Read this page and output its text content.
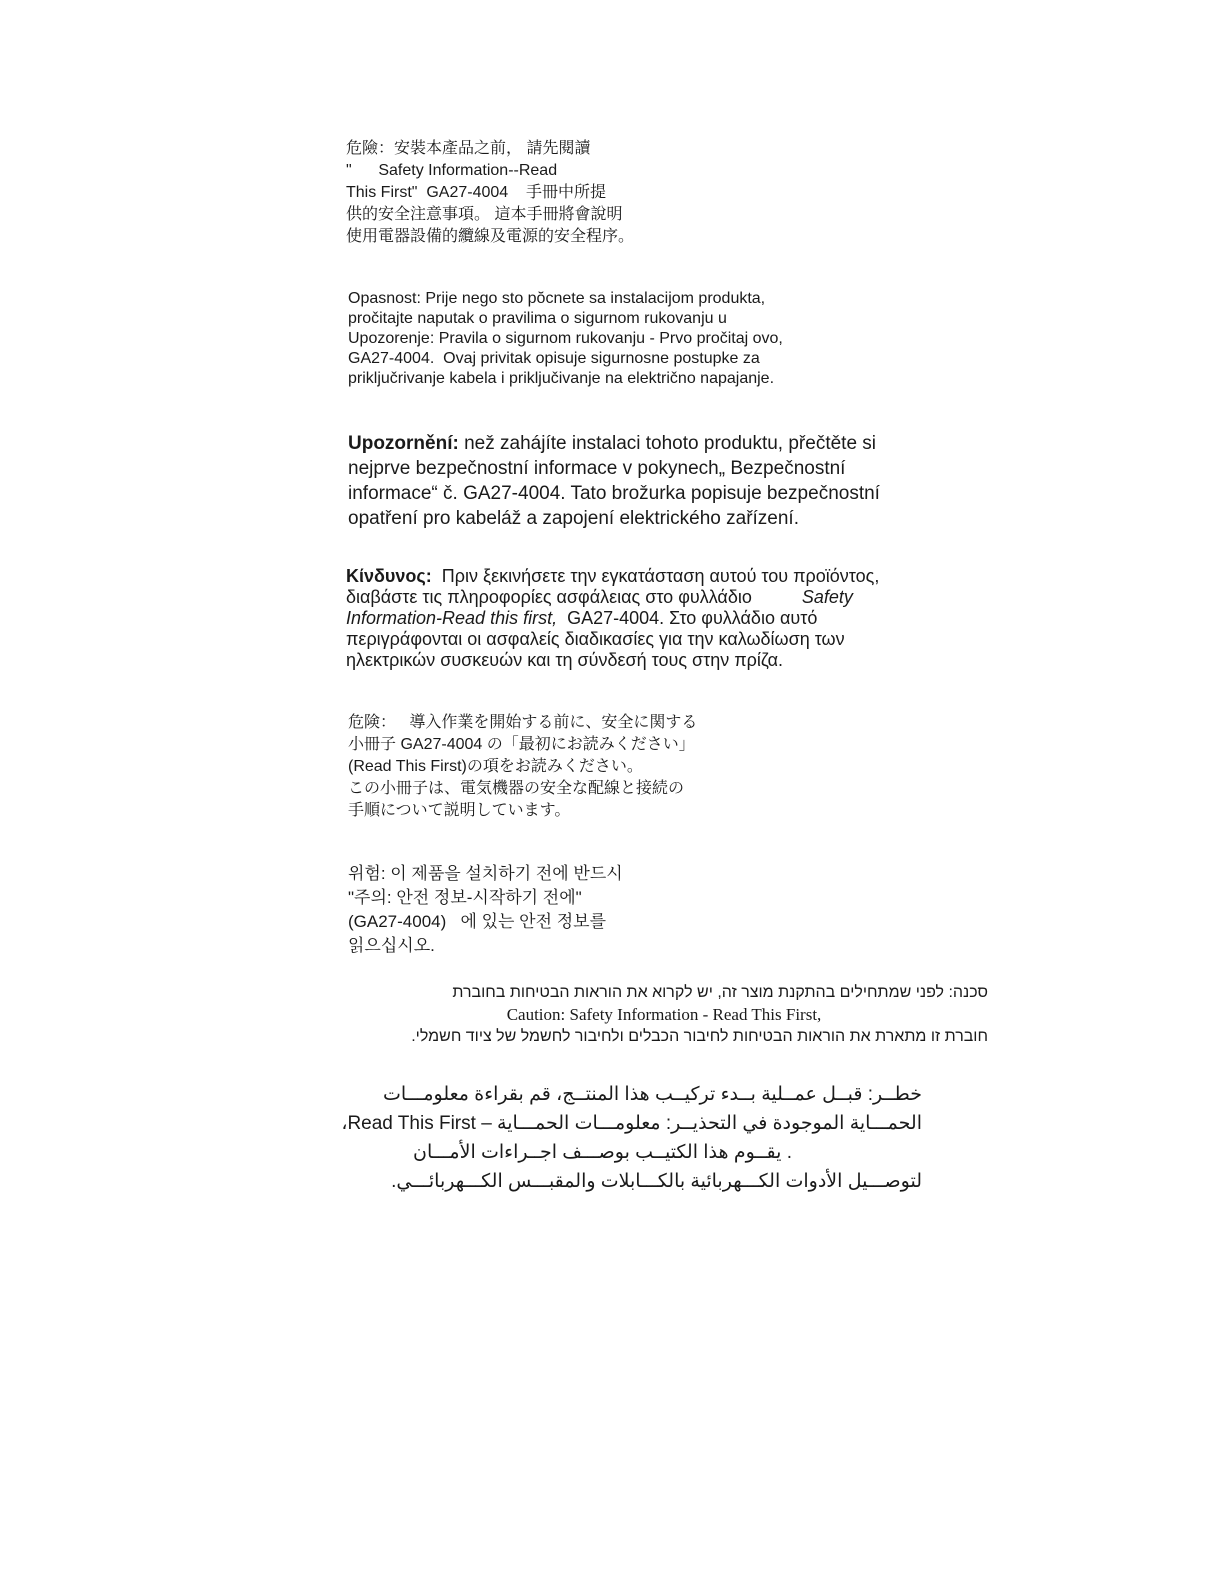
危險：安裝本產品之前， 請先閱讀
"      Safety Information--Read
This First"  GA27-4004    手冊中所提
供的安全注意事項。 這本手冊將會說明
使用電器設備的纜線及電源的安全程序。
Opasnost: Prije nego sto pŏcnete sa instalacijom produkta,
pročitajte naputak o pravilima o sigurnom rukovanju u
Upozorenje: Pravila o sigurnom rukovanju - Prvo pročitaj ovo,
GA27-4004.  Ovaj privitak opisuje sigurnosne postupke za
priključrivanje kabela i priključivanje na električno napajanje.
Upozornění: než zahájíte instalaci tohoto produktu, přečtěte si
nejprve bezpečnostní informace v pokynech„ Bezpečnostní
informace“ č. GA27-4004. Tato brožurka popisuje bezpečnostní
opatření pro kabeláž a zapojení elektrického zařízení.
Κίνδυνος:  Πριν ξεκινήσετε την εγκατάσταση αυτού του προϊόντος,
διαβάστε τις πληροφορίες ασφάλειας στο φυλλάδιο	Safety
Information-Read this first,  GA27-4004. Στο φυλλάδιο αυτό
περιγράφονται οι ασφαλείς διαδικασίες για την καλωδίωση των
ηλεκτρικών συσκευών και τη σύνδεσή τους στην πρίζα.
危険：   導入作業を開始する前に、安全に関する
小冊子 GA27-4004 の「最初にお読みください」
(Read This First)の項をお読みください。
この小冊子は、電気機器の安全な配線と接続の
手順について説明しています。
위험: 이 제품을 설치하기 전에 반드시
"주의: 안전 정보-시작하기 전에"
(GA27-4004)   에 있는 안전 정보를
읽으십시오.
סכנה: לפני שמתחילים בהתקנת מוצר זה, יש לקרוא את הוראות הבטיחות בחוברת
Caution: Safety Information - Read This First,
חוברת זו מתארת את הוראות הבטיחות לחיבור הכבלים ולחיבור לחשמל של ציוד חשמלי.
خطــر: قبــل عمــلية بــدء تركيــب هذا المنتــج، قم بقراءة معلومـــات
الحمـــاية الموجودة في التحذيــر: معلومـــات الحمـــاية – Read This First،
. يقــوم هذا الكتيــب بوصـــف اجــراءات الأمـــان
لتوصـــيل الأدوات الكـــهربائية بالكـــابلات والمقبـــس الكـــهربائـــي.
